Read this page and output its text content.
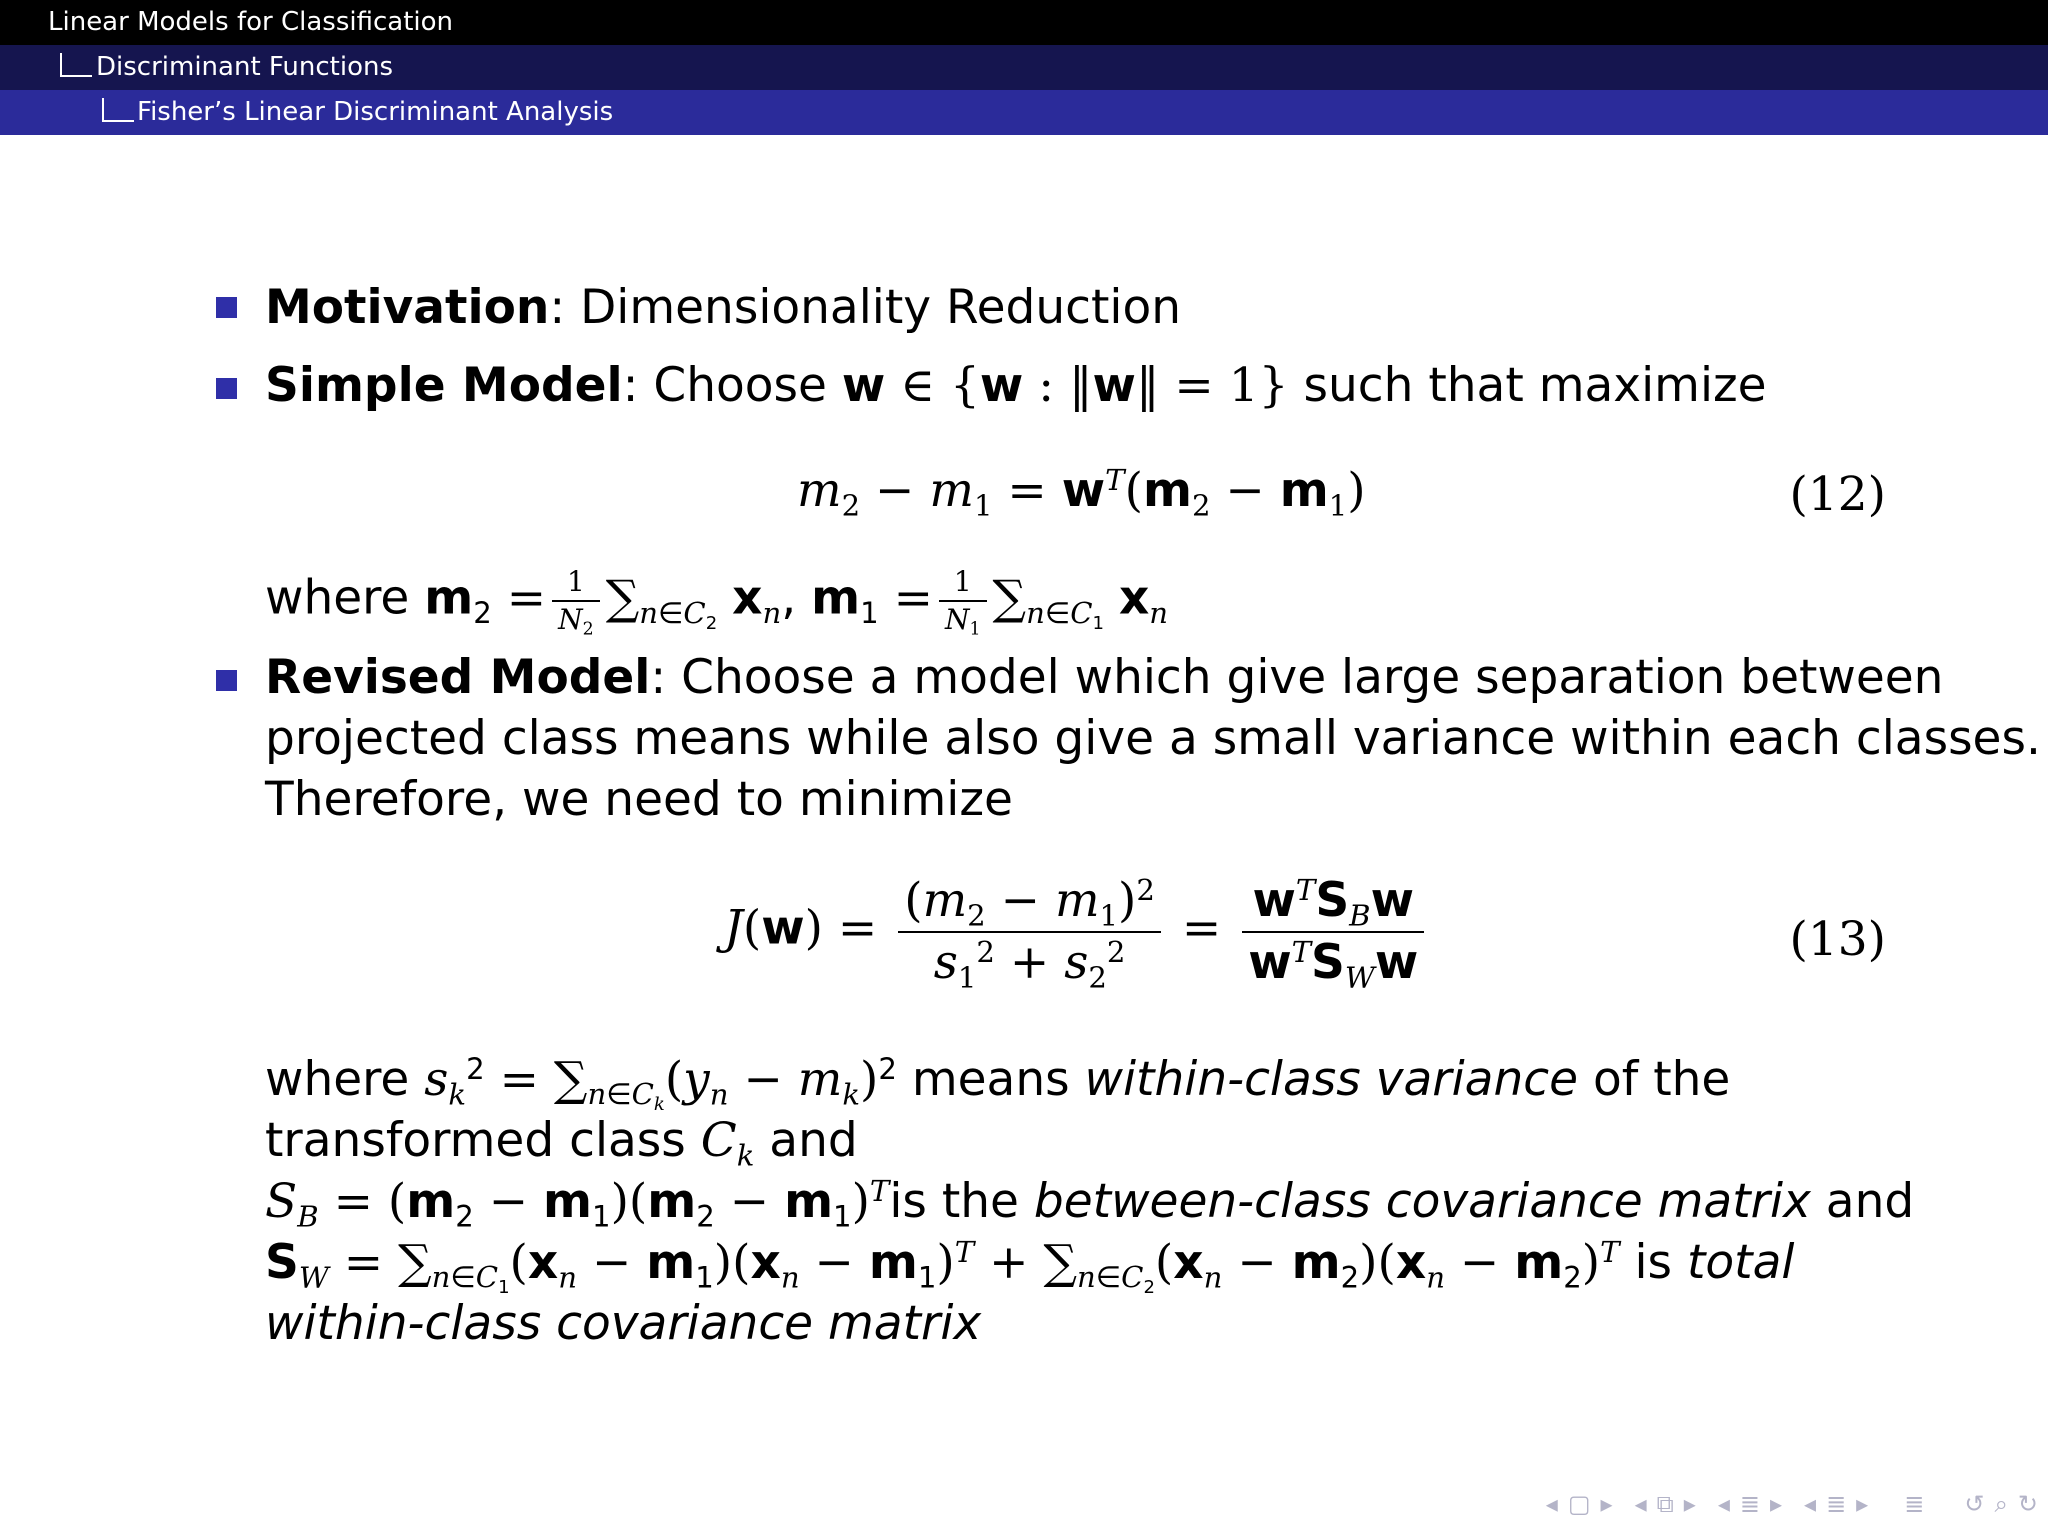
Linear Models for Classification
Discriminant Functions
Fisher’s Linear Discriminant Analysis
Motivation: Dimensionality Reduction
Simple Model: Choose w ∈ {w : ‖w‖ = 1} such that maximize
$m_2 - m_1 = w^T(m_2 - m_1)$	(12)
where $m_2 = \frac{1}{N_2} \sum_{n\in C_2}$ $x_n$, $m_1 = \frac{1}{N_1} \sum_{n\in C_1}$ $x_n$
Revised Model: Choose a model which give large separation between
projected class means while also give a small variance within each classes.
Therefore, we need to minimize
$J(w) = \frac{(m_2 - m_1)^2}{s_1^2 + s_2^2} = \frac{w^TS_Bw}{w^TS_Ww}$	(13)
where $s_k^2 = \sum_{n\in C_k}(y_n - m_k)^2$ means within-class variance of the
transformed class $C_k$ and
$S_B = (m_2 - m_1)(m_2 - m_1)^Tis$ the between-class covariance matrix and
$S_W = \sum_{n\in C_1}(x_n - m_1)(x_n - m_1)^T + \sum_{n\in C_2}(x_n - m_2)(x_n - m_2)^T$ is total
within-class covariance matrix
◂ ▢ ▸ ◂ ⧉ ▸ ◂ ≣ ▸ ◂ ≣ ▸ ≣ ↺ ⌕ ↻
